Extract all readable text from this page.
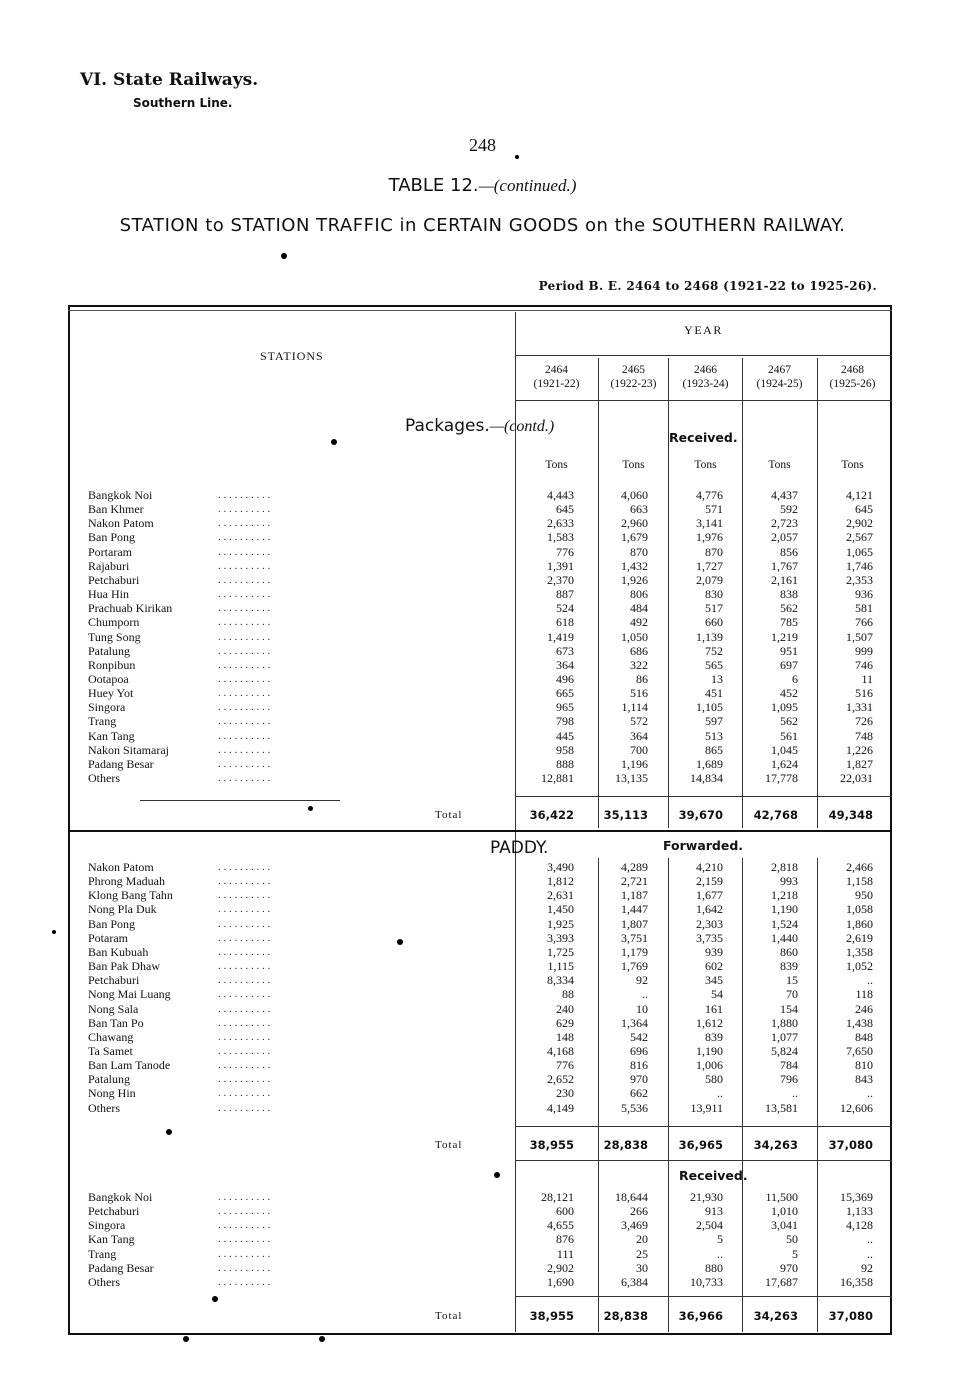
VI. State Railways.
Southern Line.
248
TABLE 12.—(continued.)
STATION to STATION TRAFFIC in CERTAIN GOODS on the SOUTHERN RAILWAY.
Period B. E. 2464 to 2468 (1921-22 to 1925-26).
STATIONS
YEAR
2464
(1921-22)
2465
(1922-23)
2466
(1923-24)
2467
(1924-25)
2468
(1925-26)
Packages.—(contd.)
Received.
Tons	Tons	Tons	Tons	Tons
Bangkok Noi	. . . . . . . . . .	4,443	4,060	4,776	4,437	4,121
Ban Khmer	. . . . . . . . . .	645	663	571	592	645
Nakon Patom	. . . . . . . . . .	2,633	2,960	3,141	2,723	2,902
Ban Pong	. . . . . . . . . .	1,583	1,679	1,976	2,057	2,567
Portaram	. . . . . . . . . .	776	870	870	856	1,065
Rajaburi	. . . . . . . . . .	1,391	1,432	1,727	1,767	1,746
Petchaburi	. . . . . . . . . .	2,370	1,926	2,079	2,161	2,353
Hua Hin	. . . . . . . . . .	887	806	830	838	936
Prachuab Kirikan	. . . . . . . . . .	524	484	517	562	581
Chumporn	. . . . . . . . . .	618	492	660	785	766
Tung Song	. . . . . . . . . .	1,419	1,050	1,139	1,219	1,507
Patalung	. . . . . . . . . .	673	686	752	951	999
Ronpibun	. . . . . . . . . .	364	322	565	697	746
Ootapoa	. . . . . . . . . .	496	86	13	6	11
Huey Yot	. . . . . . . . . .	665	516	451	452	516
Singora	. . . . . . . . . .	965	1,114	1,105	1,095	1,331
Trang	. . . . . . . . . .	798	572	597	562	726
Kan Tang	. . . . . . . . . .	445	364	513	561	748
Nakon Sitamaraj	. . . . . . . . . .	958	700	865	1,045	1,226
Padang Besar	. . . . . . . . . .	888	1,196	1,689	1,624	1,827
Others	. . . . . . . . . .	12,881	13,135	14,834	17,778	22,031
Total	36,422	35,113	39,670	42,768	49,348
Nakon Patom	. . . . . . . . . .	3,490	4,289	4,210	2,818	2,466
Phrong Maduah	. . . . . . . . . .	1,812	2,721	2,159	993	1,158
Klong Bang Tahn	. . . . . . . . . .	2,631	1,187	1,677	1,218	950
Nong Pla Duk	. . . . . . . . . .	1,450	1,447	1,642	1,190	1,058
Ban Pong	. . . . . . . . . .	1,925	1,807	2,303	1,524	1,860
Potaram	. . . . . . . . . .	3,393	3,751	3,735	1,440	2,619
Ban Kubuah	. . . . . . . . . .	1,725	1,179	939	860	1,358
Ban Pak Dhaw	. . . . . . . . . .	1,115	1,769	602	839	1,052
Petchaburi	. . . . . . . . . .	8,334	92	345	15	..
Nong Mai Luang	. . . . . . . . . .	88	..	54	70	118
Nong Sala	. . . . . . . . . .	240	10	161	154	246
Ban Tan Po	. . . . . . . . . .	629	1,364	1,612	1,880	1,438
Chawang	. . . . . . . . . .	148	542	839	1,077	848
Ta Samet	. . . . . . . . . .	4,168	696	1,190	5,824	7,650
Ban Lam Tanode	. . . . . . . . . .	776	816	1,006	784	810
Patalung	. . . . . . . . . .	2,652	970	580	796	843
Nong Hin	. . . . . . . . . .	230	662	..	..	..
Others	. . . . . . . . . .	4,149	5,536	13,911	13,581	12,606
Total	38,955	28,838	36,965	34,263	37,080
Bangkok Noi	. . . . . . . . . .	28,121	18,644	21,930	11,500	15,369
Petchaburi	. . . . . . . . . .	600	266	913	1,010	1,133
Singora	. . . . . . . . . .	4,655	3,469	2,504	3,041	4,128
Kan Tang	. . . . . . . . . .	876	20	5	50	..
Trang	. . . . . . . . . .	111	25	..	5	..
Padang Besar	. . . . . . . . . .	2,902	30	880	970	92
Others	. . . . . . . . . .	1,690	6,384	10,733	17,687	16,358
Total	38,955	28,838	36,966	34,263	37,080
PADDY.	Forwarded.
Received.
